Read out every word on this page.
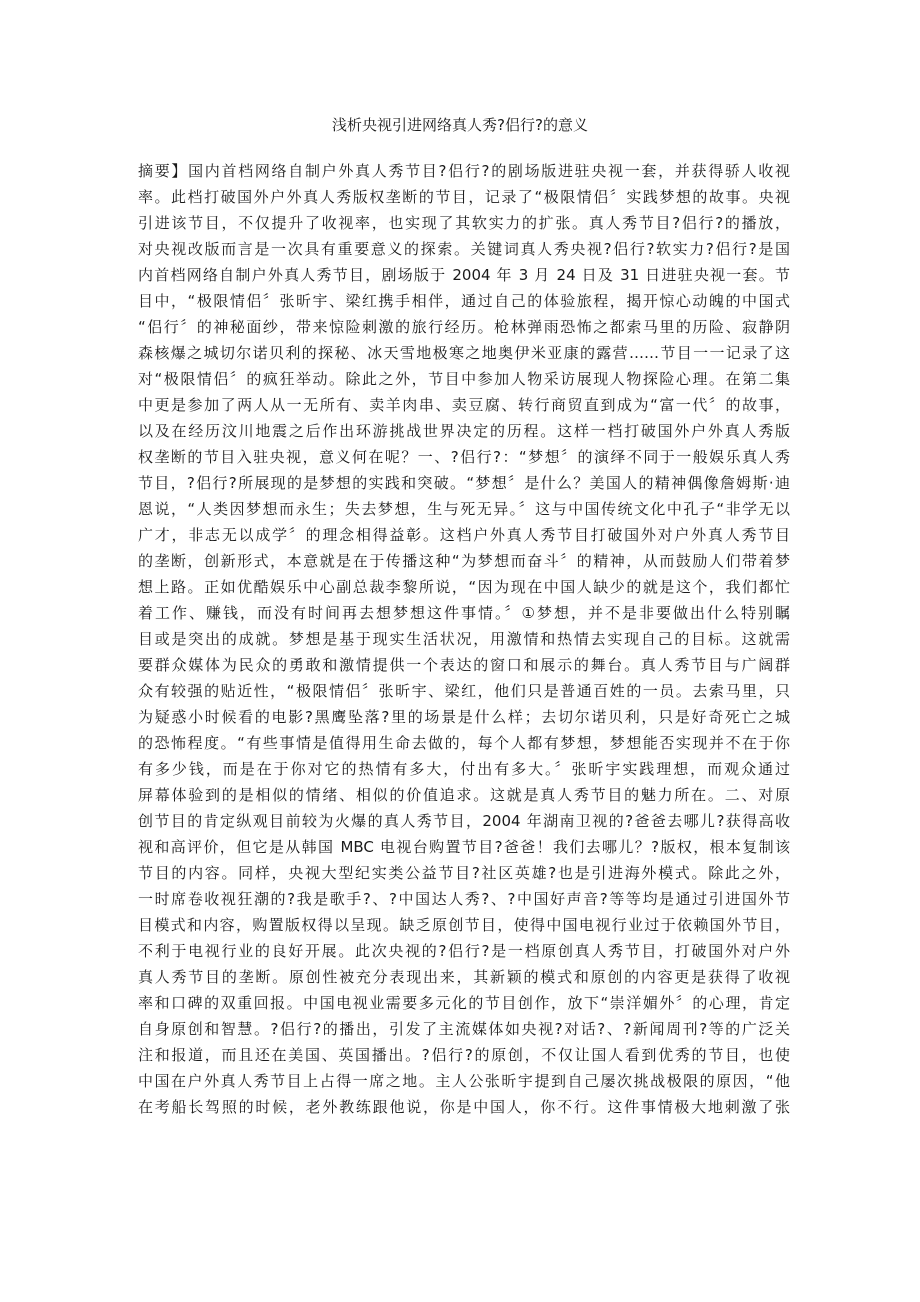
浅析央视引进网络真人秀?侣行?的意义
摘要】国内首档网络自制户外真人秀节目?侣行?的剧场版进驻央视一套，并获得骄人收视
率。此档打破国外户外真人秀版权垄断的节目，记录了“极限情侣〞实践梦想的故事。央视
引进该节目，不仅提升了收视率，也实现了其软实力的扩张。真人秀节目?侣行?的播放，
对央视改版而言是一次具有重要意义的探索。关键词真人秀央视?侣行?软实力?侣行?是国
内首档网络自制户外真人秀节目，剧场版于 2004 年 3 月 24 日及 31 日进驻央视一套。节
目中，“极限情侣〞张昕宇、梁红携手相伴，通过自己的体验旅程，揭开惊心动魄的中国式
“侣行〞的神秘面纱，带来惊险刺激的旅行经历。枪林弹雨恐怖之都索马里的历险、寂静阴
森核爆之城切尔诺贝利的探秘、冰天雪地极寒之地奥伊米亚康的露营……节目一一记录了这
对“极限情侣〞的疯狂举动。除此之外，节目中参加人物采访展现人物探险心理。在第二集
中更是参加了两人从一无所有、卖羊肉串、卖豆腐、转行商贸直到成为“富一代〞的故事，
以及在经历汶川地震之后作出环游挑战世界决定的历程。这样一档打破国外户外真人秀版
权垄断的节目入驻央视，意义何在呢？一、?侣行?：“梦想〞的演绎不同于一般娱乐真人秀
节目，?侣行?所展现的是梦想的实践和突破。“梦想〞是什么？美国人的精神偶像詹姆斯·迪
恩说，“人类因梦想而永生；失去梦想，生与死无异。〞这与中国传统文化中孔子“非学无以
广才，非志无以成学〞的理念相得益彰。这档户外真人秀节目打破国外对户外真人秀节目
的垄断，创新形式，本意就是在于传播这种“为梦想而奋斗〞的精神，从而鼓励人们带着梦
想上路。正如优酷娱乐中心副总裁李黎所说，“因为现在中国人缺少的就是这个，我们都忙
着工作、赚钱，而没有时间再去想梦想这件事情。〞①梦想，并不是非要做出什么特别瞩
目或是突出的成就。梦想是基于现实生活状况，用激情和热情去实现自己的目标。这就需
要群众媒体为民众的勇敢和激情提供一个表达的窗口和展示的舞台。真人秀节目与广阔群
众有较强的贴近性，“极限情侣〞张昕宇、梁红，他们只是普通百姓的一员。去索马里，只
为疑惑小时候看的电影?黑鹰坠落?里的场景是什么样；去切尔诺贝利，只是好奇死亡之城
的恐怖程度。“有些事情是值得用生命去做的，每个人都有梦想，梦想能否实现并不在于你
有多少钱，而是在于你对它的热情有多大，付出有多大。〞张昕宇实践理想，而观众通过
屏幕体验到的是相似的情绪、相似的价值追求。这就是真人秀节目的魅力所在。二、对原
创节目的肯定纵观目前较为火爆的真人秀节目，2004 年湖南卫视的?爸爸去哪儿?获得高收
视和高评价，但它是从韩国 MBC 电视台购置节目?爸爸！我们去哪儿？?版权，根本复制该
节目的内容。同样，央视大型纪实类公益节目?社区英雄?也是引进海外模式。除此之外，
一时席卷收视狂潮的?我是歌手?、?中国达人秀?、?中国好声音?等等均是通过引进国外节
目模式和内容，购置版权得以呈现。缺乏原创节目，使得中国电视行业过于依赖国外节目，
不利于电视行业的良好开展。此次央视的?侣行?是一档原创真人秀节目，打破国外对户外
真人秀节目的垄断。原创性被充分表现出来，其新颖的模式和原创的内容更是获得了收视
率和口碑的双重回报。中国电视业需要多元化的节目创作，放下“崇洋媚外〞的心理，肯定
自身原创和智慧。?侣行?的播出，引发了主流媒体如央视?对话?、?新闻周刊?等的广泛关
注和报道，而且还在美国、英国播出。?侣行?的原创，不仅让国人看到优秀的节目，也使
中国在户外真人秀节目上占得一席之地。主人公张昕宇提到自己屡次挑战极限的原因，“他
在考船长驾照的时候，老外教练跟他说，你是中国人，你不行。这件事情极大地刺激了张
